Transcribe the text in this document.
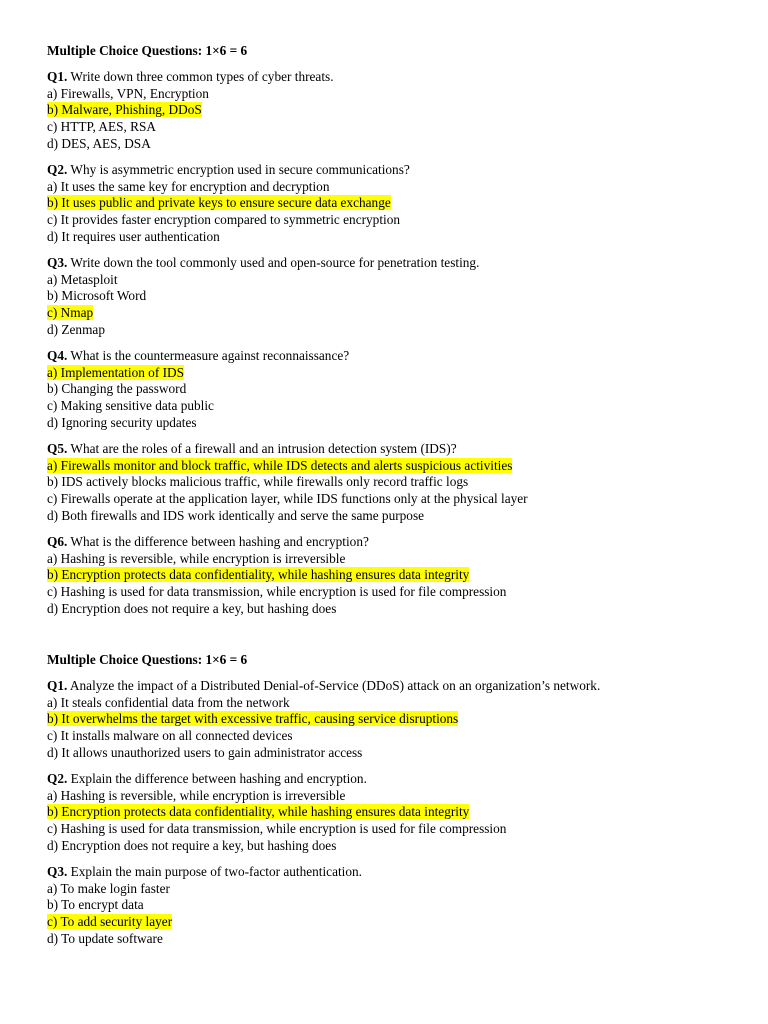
Multiple Choice Questions: 1×6 = 6
Q1. Write down three common types of cyber threats.
a) Firewalls, VPN, Encryption
b) Malware, Phishing, DDoS
c) HTTP, AES, RSA
d) DES, AES, DSA
Q2. Why is asymmetric encryption used in secure communications?
a) It uses the same key for encryption and decryption
b) It uses public and private keys to ensure secure data exchange
c) It provides faster encryption compared to symmetric encryption
d) It requires user authentication
Q3. Write down the tool commonly used and open-source for penetration testing.
a) Metasploit
b) Microsoft Word
c) Nmap
d) Zenmap
Q4. What is the countermeasure against reconnaissance?
a) Implementation of IDS
b) Changing the password
c) Making sensitive data public
d) Ignoring security updates
Q5. What are the roles of a firewall and an intrusion detection system (IDS)?
a) Firewalls monitor and block traffic, while IDS detects and alerts suspicious activities
b) IDS actively blocks malicious traffic, while firewalls only record traffic logs
c) Firewalls operate at the application layer, while IDS functions only at the physical layer
d) Both firewalls and IDS work identically and serve the same purpose
Q6. What is the difference between hashing and encryption?
a) Hashing is reversible, while encryption is irreversible
b) Encryption protects data confidentiality, while hashing ensures data integrity
c) Hashing is used for data transmission, while encryption is used for file compression
d) Encryption does not require a key, but hashing does
Multiple Choice Questions: 1×6 = 6
Q1. Analyze the impact of a Distributed Denial-of-Service (DDoS) attack on an organization’s network.
a) It steals confidential data from the network
b) It overwhelms the target with excessive traffic, causing service disruptions
c) It installs malware on all connected devices
d) It allows unauthorized users to gain administrator access
Q2. Explain the difference between hashing and encryption.
a) Hashing is reversible, while encryption is irreversible
b) Encryption protects data confidentiality, while hashing ensures data integrity
c) Hashing is used for data transmission, while encryption is used for file compression
d) Encryption does not require a key, but hashing does
Q3. Explain the main purpose of two-factor authentication.
a) To make login faster
b) To encrypt data
c) To add security layer
d) To update software
